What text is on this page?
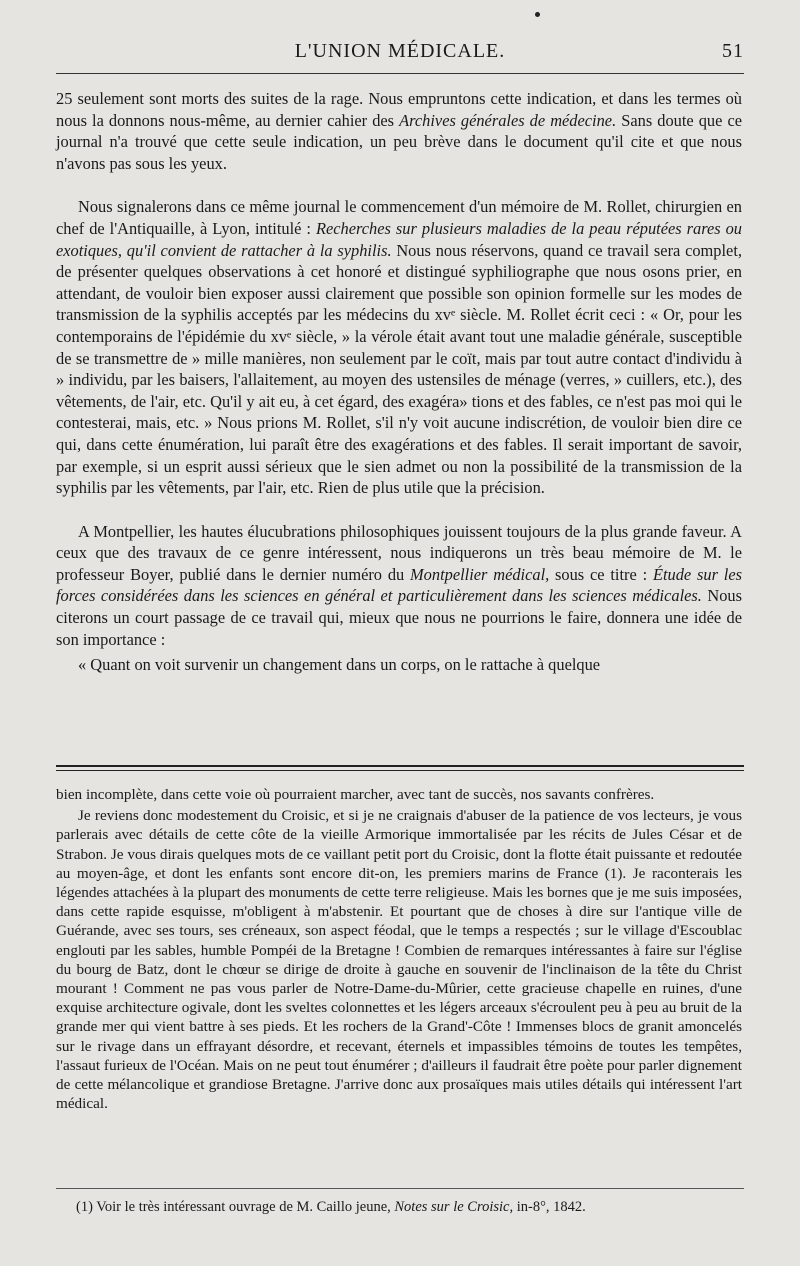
L'UNION MÉDICALE.	51

25 seulement sont morts des suites de la rage. Nous empruntons cette indication, et dans les termes où nous la donnons nous-même, au dernier cahier des Archives générales de médecine. Sans doute que ce journal n'a trouvé que cette seule indication, un peu brève dans le document qu'il cite et que nous n'avons pas sous les yeux.

Nous signalerons dans ce même journal le commencement d'un mémoire de M. Rollet, chirurgien en chef de l'Antiquaille, à Lyon, intitulé : Recherches sur plusieurs maladies de la peau réputées rares ou exotiques, qu'il convient de rattacher à la syphilis. Nous nous réservons, quand ce travail sera complet, de présenter quelques observations à cet honoré et distingué syphiliographe que nous osons prier, en attendant, de vouloir bien exposer aussi clairement que possible son opinion formelle sur les modes de transmission de la syphilis acceptés par les médecins du xvᵉ siècle. M. Rollet écrit ceci : « Or, pour les contemporains de l'épidémie du xvᵉ siècle, » la vérole était avant tout une maladie générale, susceptible de se transmettre de » mille manières, non seulement par le coït, mais par tout autre contact d'individu à » individu, par les baisers, l'allaitement, au moyen des ustensiles de ménage (verres, » cuillers, etc.), des vêtements, de l'air, etc. Qu'il y ait eu, à cet égard, des exagéra» tions et des fables, ce n'est pas moi qui le contesterai, mais, etc. » Nous prions M. Rollet, s'il n'y voit aucune indiscrétion, de vouloir bien dire ce qui, dans cette énumération, lui paraît être des exagérations et des fables. Il serait important de savoir, par exemple, si un esprit aussi sérieux que le sien admet ou non la possibilité de la transmission de la syphilis par les vêtements, par l'air, etc. Rien de plus utile que la précision.

A Montpellier, les hautes élucubrations philosophiques jouissent toujours de la plus grande faveur. A ceux que des travaux de ce genre intéressent, nous indiquerons un très beau mémoire de M. le professeur Boyer, publié dans le dernier numéro du Montpellier médical, sous ce titre : Étude sur les forces considérées dans les sciences en général et particulièrement dans les sciences médicales. Nous citerons un court passage de ce travail qui, mieux que nous ne pourrions le faire, donnera une idée de son importance :

« Quant on voit survenir un changement dans un corps, on le rattache à quelque

bien incomplète, dans cette voie où pourraient marcher, avec tant de succès, nos savants confrères.

Je reviens donc modestement du Croisic, et si je ne craignais d'abuser de la patience de vos lecteurs, je vous parlerais avec détails de cette côte de la vieille Armorique immortalisée par les récits de Jules César et de Strabon. Je vous dirais quelques mots de ce vaillant petit port du Croisic, dont la flotte était puissante et redoutée au moyen-âge, et dont les enfants sont encore dit-on, les premiers marins de France (1). Je raconterais les légendes attachées à la plupart des monuments de cette terre religieuse. Mais les bornes que je me suis imposées, dans cette rapide esquisse, m'obligent à m'abstenir. Et pourtant que de choses à dire sur l'antique ville de Guérande, avec ses tours, ses créneaux, son aspect féodal, que le temps a respectés ; sur le village d'Escoublac englouti par les sables, humble Pompéi de la Bretagne ! Combien de remarques intéressantes à faire sur l'église du bourg de Batz, dont le chœur se dirige de droite à gauche en souvenir de l'inclinaison de la tête du Christ mourant ! Comment ne pas vous parler de Notre-Dame-du-Mûrier, cette gracieuse chapelle en ruines, d'une exquise architecture ogivale, dont les sveltes colonnettes et les légers arceaux s'écroulent peu à peu au bruit de la grande mer qui vient battre à ses pieds. Et les rochers de la Grand'-Côte ! Immenses blocs de granit amoncelés sur le rivage dans un effrayant désordre, et recevant, éternels et impassibles témoins de toutes les tempêtes, l'assaut furieux de l'Océan. Mais on ne peut tout énumérer ; d'ailleurs il faudrait être poète pour parler dignement de cette mélancolique et grandiose Bretagne. J'arrive donc aux prosaïques mais utiles détails qui intéressent l'art médical.

(1) Voir le très intéressant ouvrage de M. Caillo jeune, Notes sur le Croisic, in-8°, 1842.
